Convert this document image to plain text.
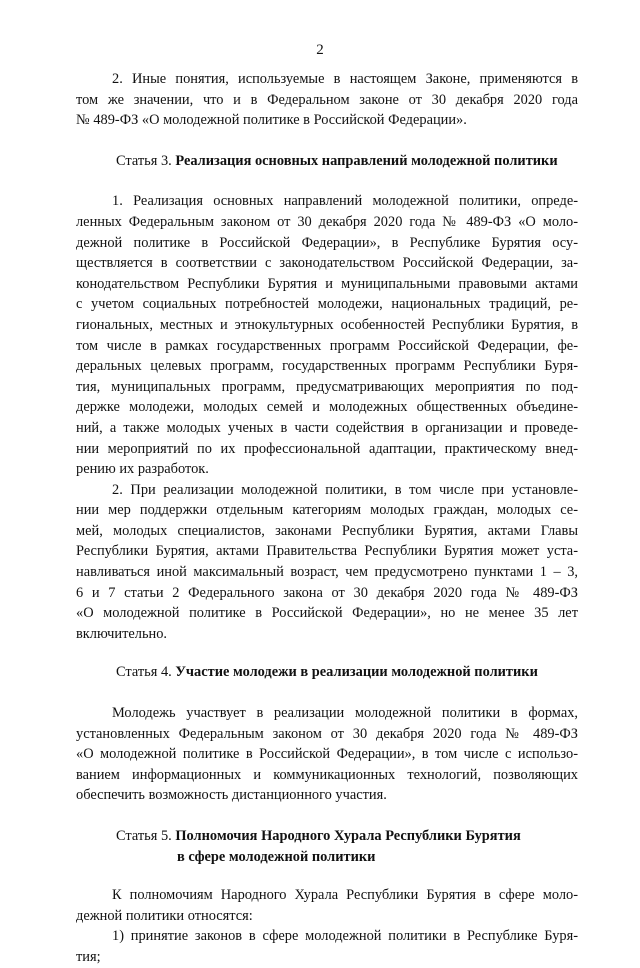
2
2. Иные понятия, используемые в настоящем Законе, применяются в
том же значении, что и в Федеральном законе от 30 декабря 2020 года
№ 489-ФЗ «О молодежной политике в Российской Федерации».
Статья 3. Реализация основных направлений молодежной политики
1. Реализация основных направлений молодежной политики, опреде-
ленных Федеральным законом от 30 декабря 2020 года № 489-ФЗ «О моло-
дежной политике в Российской Федерации», в Республике Бурятия осу-
ществляется в соответствии с законодательством Российской Федерации, за-
конодательством Республики Бурятия и муниципальными правовыми актами
с учетом социальных потребностей молодежи, национальных традиций, ре-
гиональных, местных и этнокультурных особенностей Республики Бурятия, в
том числе в рамках государственных программ Российской Федерации, фе-
деральных целевых программ, государственных программ Республики Буря-
тия, муниципальных программ, предусматривающих мероприятия по под-
держке молодежи, молодых семей и молодежных общественных объедине-
ний, а также молодых ученых в части содействия в организации и проведе-
нии мероприятий по их профессиональной адаптации, практическому внед-
рению их разработок.
2. При реализации молодежной политики, в том числе при установле-
нии мер поддержки отдельным категориям молодых граждан, молодых се-
мей, молодых специалистов, законами Республики Бурятия, актами Главы
Республики Бурятия, актами Правительства Республики Бурятия может уста-
навливаться иной максимальный возраст, чем предусмотрено пунктами 1 – 3,
6 и 7 статьи 2 Федерального закона от 30 декабря 2020 года № 489-ФЗ
«О молодежной политике в Российской Федерации», но не менее 35 лет
включительно.
Статья 4. Участие молодежи в реализации молодежной политики
Молодежь участвует в реализации молодежной политики в формах,
установленных Федеральным законом от 30 декабря 2020 года № 489-ФЗ
«О молодежной политике в Российской Федерации», в том числе с использо-
ванием информационных и коммуникационных технологий, позволяющих
обеспечить возможность дистанционного участия.
Статья 5. Полномочия Народного Хурала Республики Бурятия
в сфере молодежной политики
К полномочиям Народного Хурала Республики Бурятия в сфере моло-
дежной политики относятся:
1) принятие законов в сфере молодежной политики в Республике Буря-
тия;
